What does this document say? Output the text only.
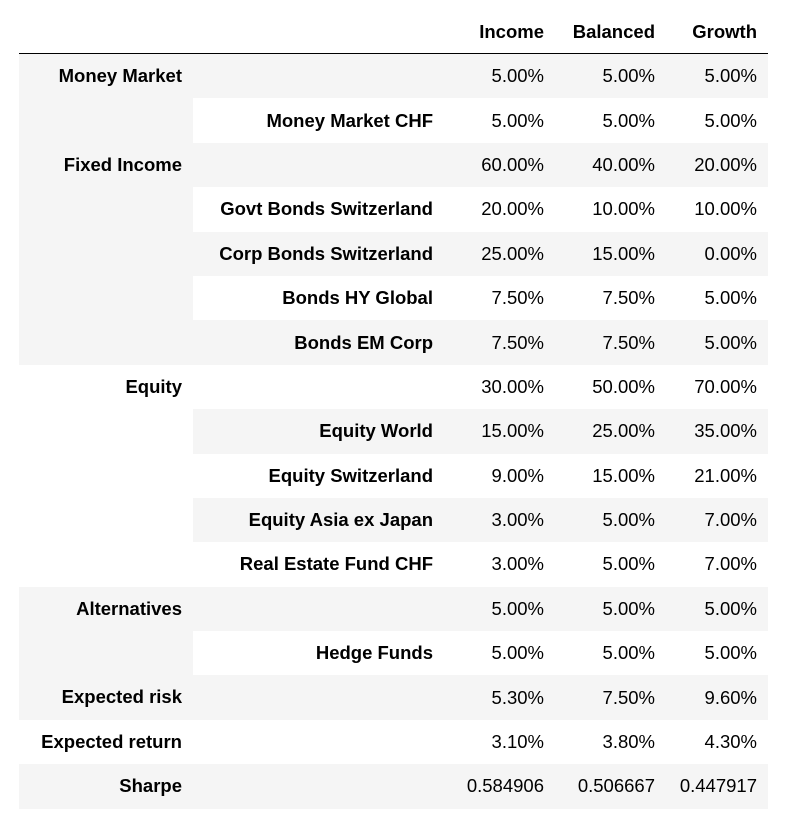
		Income	Balanced	Growth

Money Market		5.00%	5.00%	5.00%
	Money Market CHF	5.00%	5.00%	5.00%

Fixed Income		60.00%	40.00%	20.00%
	Govt Bonds Switzerland	20.00%	10.00%	10.00%
	Corp Bonds Switzerland	25.00%	15.00%	0.00%
	Bonds HY Global	7.50%	7.50%	5.00%
	Bonds EM Corp	7.50%	7.50%	5.00%

Equity		30.00%	50.00%	70.00%
	Equity World	15.00%	25.00%	35.00%
	Equity Switzerland	9.00%	15.00%	21.00%
	Equity Asia ex Japan	3.00%	5.00%	7.00%
	Real Estate Fund CHF	3.00%	5.00%	7.00%

Alternatives		5.00%	5.00%	5.00%
	Hedge Funds	5.00%	5.00%	5.00%

Expected risk		5.30%	7.50%	9.60%

Expected return		3.10%	3.80%	4.30%

Sharpe		0.584906	0.506667	0.447917
